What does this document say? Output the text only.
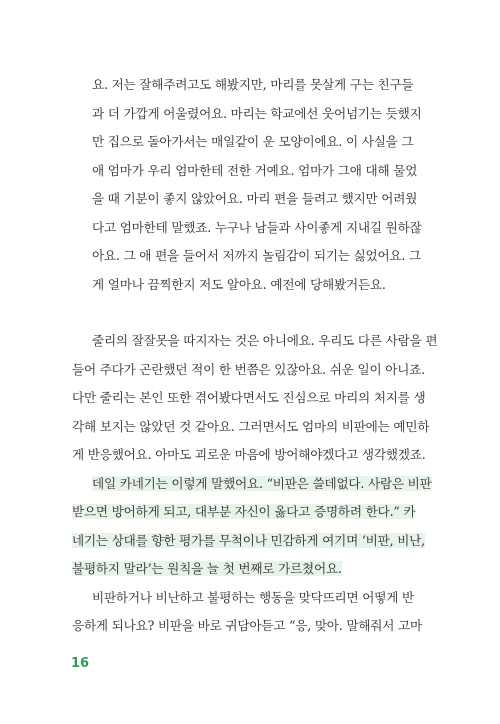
요. 저는 잘해주려고도 해봤지만, 마리를 못살게 구는 친구들
과 더 가깝게 어울렸어요. 마리는 학교에선 웃어넘기는 듯했지
만 집으로 돌아가서는 매일같이 운 모양이에요. 이 사실을 그
애 엄마가 우리 엄마한테 전한 거예요. 엄마가 그애 대해 물었
을 때 기분이 좋지 않았어요. 마리 편을 들려고 했지만 어려웠
다고 엄마한테 말했죠. 누구나 남들과 사이좋게 지내길 원하잖
아요. 그 애 편을 들어서 저까지 놀림감이 되기는 싫었어요. 그
게 얼마나 끔찍한지 저도 알아요. 예전에 당해봤거든요.
줄리의 잘잘못을 따지자는 것은 아니에요. 우리도 다른 사람을 편
들어 주다가 곤란했던 적이 한 번쯤은 있잖아요. 쉬운 일이 아니죠.
다만 줄리는 본인 또한 겪어봤다면서도 진심으로 마리의 처지를 생
각해 보지는 않았던 것 같아요. 그러면서도 엄마의 비판에는 예민하
게 반응했어요. 아마도 괴로운 마음에 방어해야겠다고 생각했겠죠.
데일 카네기는 이렇게 말했어요. “비판은 쓸데없다. 사람은 비판
받으면 방어하게 되고, 대부분 자신이 옳다고 증명하려 한다.” 카
네기는 상대를 향한 평가를 무척이나 민감하게 여기며 ‘비판, 비난,
불평하지 말라’는 원칙을 늘 첫 번째로 가르쳤어요.
비판하거나 비난하고 불평하는 행동을 맞닥뜨리면 어떻게 반
응하게 되나요? 비판을 바로 귀담아듣고 “응, 맞아. 말해줘서 고마
16
